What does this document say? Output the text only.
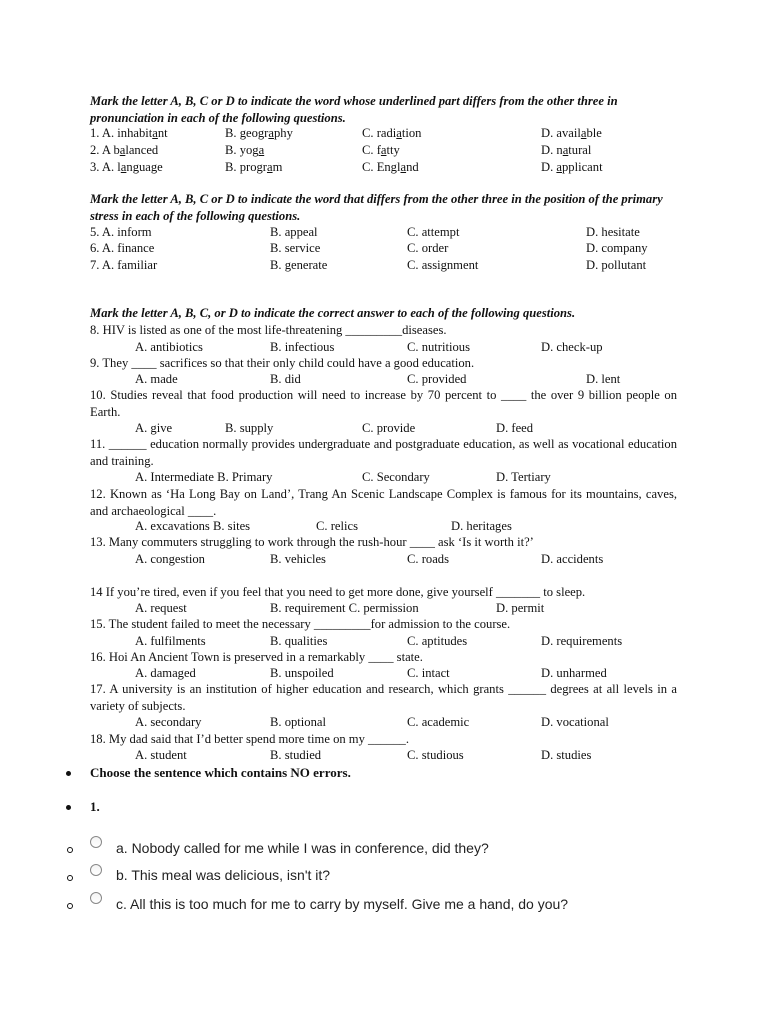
Mark the letter A, B, C or D to indicate the word whose underlined part differs from the other three in pronunciation in each of the following questions.
1. A. inhabitant	B. geography	C. radiation	D. available
2. A balanced	B. yoga	C. fatty	D. natural
3. A. language	B. program	C. England	D. applicant
Mark the letter A, B, C or D to indicate the word that differs from the other three in the position of the primary stress in each of the following questions.
5. A. inform	B. appeal	C. attempt	D. hesitate
6. A. finance	B. service	C. order	D. company
7. A. familiar	B. generate	C. assignment	D. pollutant
Mark the letter A, B, C, or D to indicate the correct answer to each of the following questions.
8. HIV is listed as one of the most life-threatening _________diseases.
A. antibiotics	B. infectious	C. nutritious	D. check-up
9. They ____ sacrifices so that their only child could have a good education.
A. made	B. did	C. provided	D. lent
10. Studies reveal that food production will need to increase by 70 percent to ____ the over 9 billion people on Earth.
A. give	B. supply	C. provide	D. feed
11. ______ education normally provides undergraduate and postgraduate education, as well as vocational education and training.
A. Intermediate B. Primary	C. Secondary	D. Tertiary
12. Known as ‘Ha Long Bay on Land’, Trang An Scenic Landscape Complex is famous for its mountains, caves, and archaeological ____.
A. excavations B. sites	C. relics	D. heritages
13. Many commuters struggling to work through the rush-hour ____ ask ‘Is it worth it?’
A. congestion	B. vehicles	C. roads	D. accidents
14 If you’re tired, even if you feel that you need to get more done, give yourself _______ to sleep.
A. request	B. requirement C. permission	D. permit
15. The student failed to meet the necessary _________for admission to the course.
A. fulfilments	B. qualities	C. aptitudes	D. requirements
16. Hoi An Ancient Town is preserved in a remarkably ____ state.
A. damaged	B. unspoiled	C. intact	D. unharmed
17. A university is an institution of higher education and research, which grants ______ degrees at all levels in a variety of subjects.
A. secondary	B. optional	C. academic	D. vocational
18. My dad said that I’d better spend more time on my ______.
A. student	B. studied	C. studious	D. studies
Choose the sentence which contains NO errors.
1.
a. Nobody called for me while I was in conference, did they?
b. This meal was delicious, isn't it?
c. All this is too much for me to carry by myself. Give me a hand, do you?
